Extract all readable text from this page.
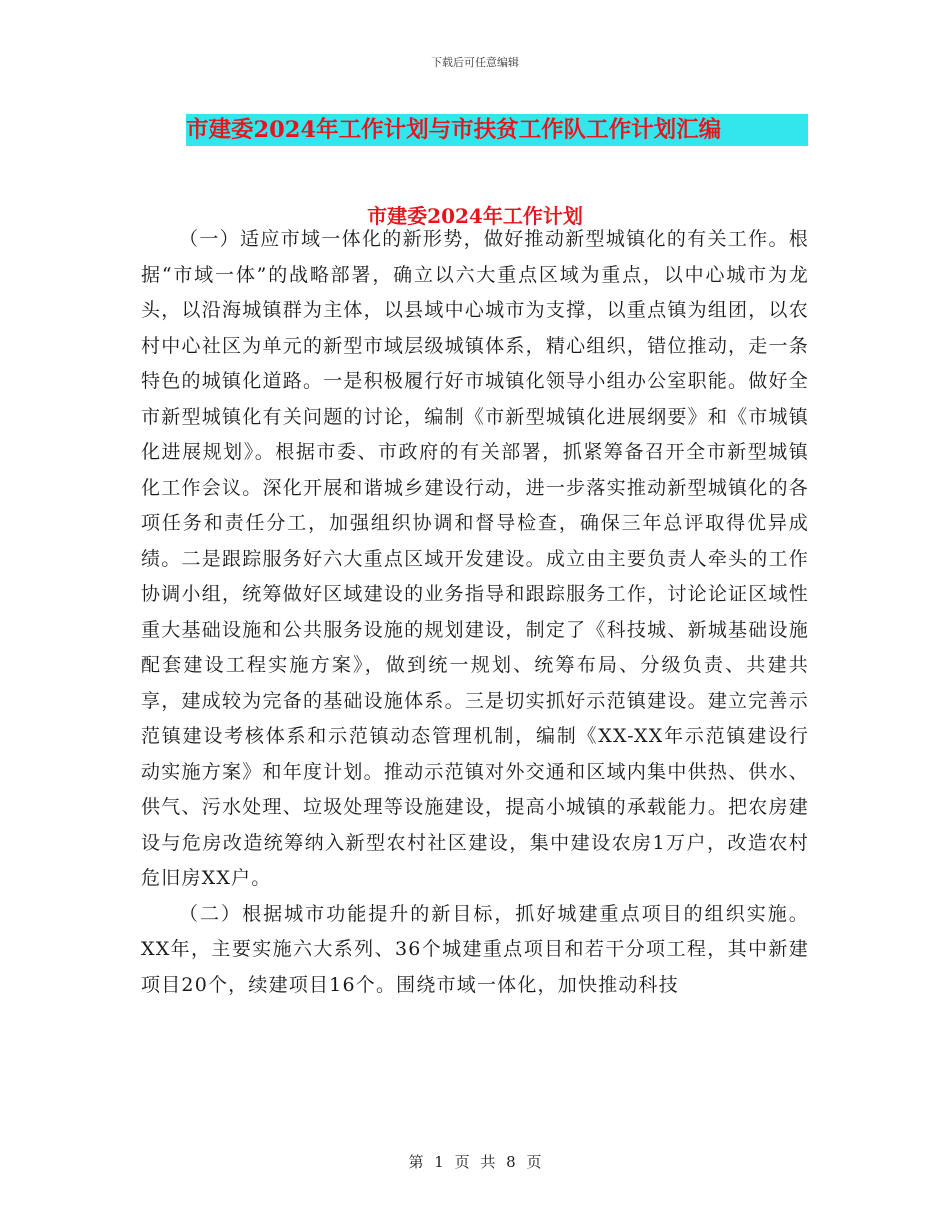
下载后可任意编辑
市建委2024年工作计划与市扶贫工作队工作计划汇编
市建委2024年工作计划

（一）适应市域一体化的新形势，做好推动新型城镇化的有关工作。根据“市域一体”的战略部署，确立以六大重点区域为重点，以中心城市为龙头，以沿海城镇群为主体，以县域中心城市为支撑，以重点镇为组团，以农村中心社区为单元的新型市域层级城镇体系，精心组织，错位推动，走一条特色的城镇化道路。一是积极履行好市城镇化领导小组办公室职能。做好全市新型城镇化有关问题的讨论，编制《市新型城镇化进展纲要》和《市城镇化进展规划》。根据市委、市政府的有关部署，抓紧筹备召开全市新型城镇化工作会议。深化开展和谐城乡建设行动，进一步落实推动新型城镇化的各项任务和责任分工，加强组织协调和督导检查，确保三年总评取得优异成绩。二是跟踪服务好六大重点区域开发建设。成立由主要负责人牵头的工作协调小组，统筹做好区域建设的业务指导和跟踪服务工作，讨论论证区域性重大基础设施和公共服务设施的规划建设，制定了《科技城、新城基础设施配套建设工程实施方案》，做到统一规划、统筹布局、分级负责、共建共享，建成较为完备的基础设施体系。三是切实抓好示范镇建设。建立完善示范镇建设考核体系和示范镇动态管理机制，编制《XX-XX年示范镇建设行动实施方案》和年度计划。推动示范镇对外交通和区域内集中供热、供水、供气、污水处理、垃圾处理等设施建设，提高小城镇的承载能力。把农房建设与危房改造统筹纳入新型农村社区建设，集中建设农房1万户，改造农村危旧房XX户。

（二）根据城市功能提升的新目标，抓好城建重点项目的组织实施。XX年，主要实施六大系列、36个城建重点项目和若干分项工程，其中新建项目20个，续建项目16个。围绕市域一体化，加快推动科技

第 1 页 共 8 页
